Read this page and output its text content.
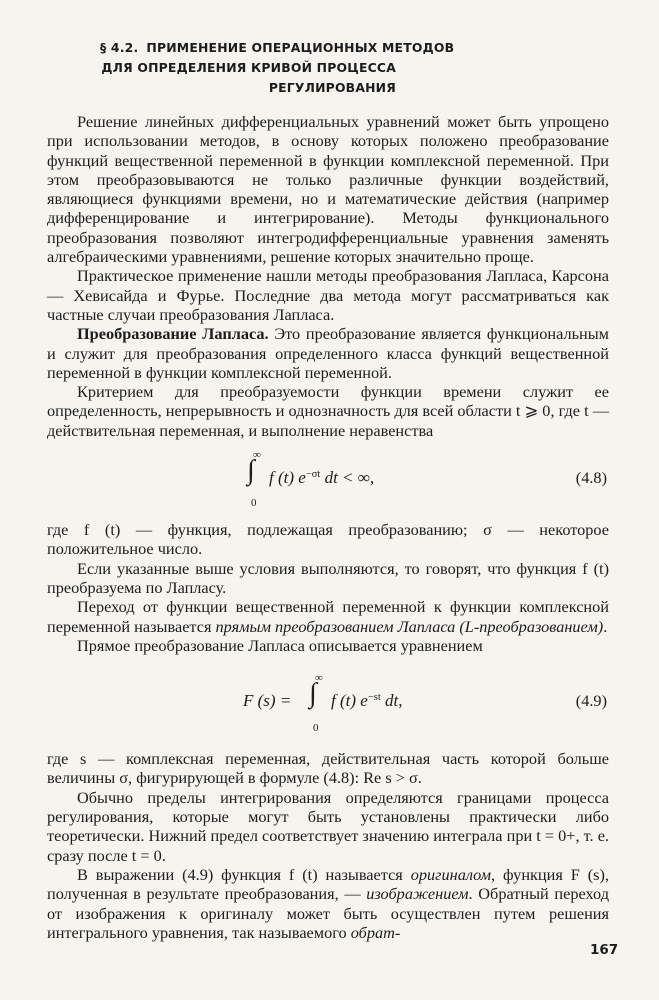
§ 4.2. ПРИМЕНЕНИЕ ОПЕРАЦИОННЫХ МЕТОДОВ
ДЛЯ ОПРЕДЕЛЕНИЯ КРИВОЙ ПРОЦЕССА
РЕГУЛИРОВАНИЯ

Решение линейных дифференциальных уравнений может быть упрощено при использовании методов, в основу которых положено преобразование функций вещественной переменной в функции комплексной переменной. При этом преобразовываются не только различные функции воздействий, являющиеся функциями времени, но и математические действия (например дифференцирование и интегрирование). Методы функционального преобразования позволяют интегродифференциальные уравнения заменять алгебраическими уравнениями, решение которых значительно проще.

Практическое применение нашли методы преобразования Лапласа, Карсона — Хевисайда и Фурье. Последние два метода могут рассматриваться как частные случаи преобразования Лапласа.

Преобразование Лапласа. Это преобразование является функциональным и служит для преобразования определенного класса функций вещественной переменной в функции комплексной переменной.

Критерием для преобразуемости функции времени служит ее определенность, непрерывность и однозначность для всей области t ⩾ 0, где t — действительная переменная, и выполнение неравенства

∞
∫
0
f (t) $e^{-\sigma t}$ dt < ∞,	(4.8)

где f (t) — функция, подлежащая преобразованию; σ — некоторое положительное число.

Если указанные выше условия выполняются, то говорят, что функция f (t) преобразуема по Лапласу.

Переход от функции вещественной переменной к функции комплексной переменной называется прямым преобразованием Лапласа (L-преобразованием).

Прямое преобразование Лапласа описывается уравнением

F (s) =
∞
∫
0
f (t) $e^{-st}$ dt,	(4.9)

где s — комплексная переменная, действительная часть которой больше величины σ, фигурирующей в формуле (4.8): Re s > σ.

Обычно пределы интегрирования определяются границами процесса регулирования, которые могут быть установлены практически либо теоретически. Нижний предел соответствует значению интеграла при t = 0+, т. е. сразу после t = 0.

В выражении (4.9) функция f (t) называется оригиналом, функция F (s), полученная в результате преобразования, — изображением. Обратный переход от изображения к оригиналу может быть осуществлен путем решения интегрального уравнения, так называемого обрат-

167
